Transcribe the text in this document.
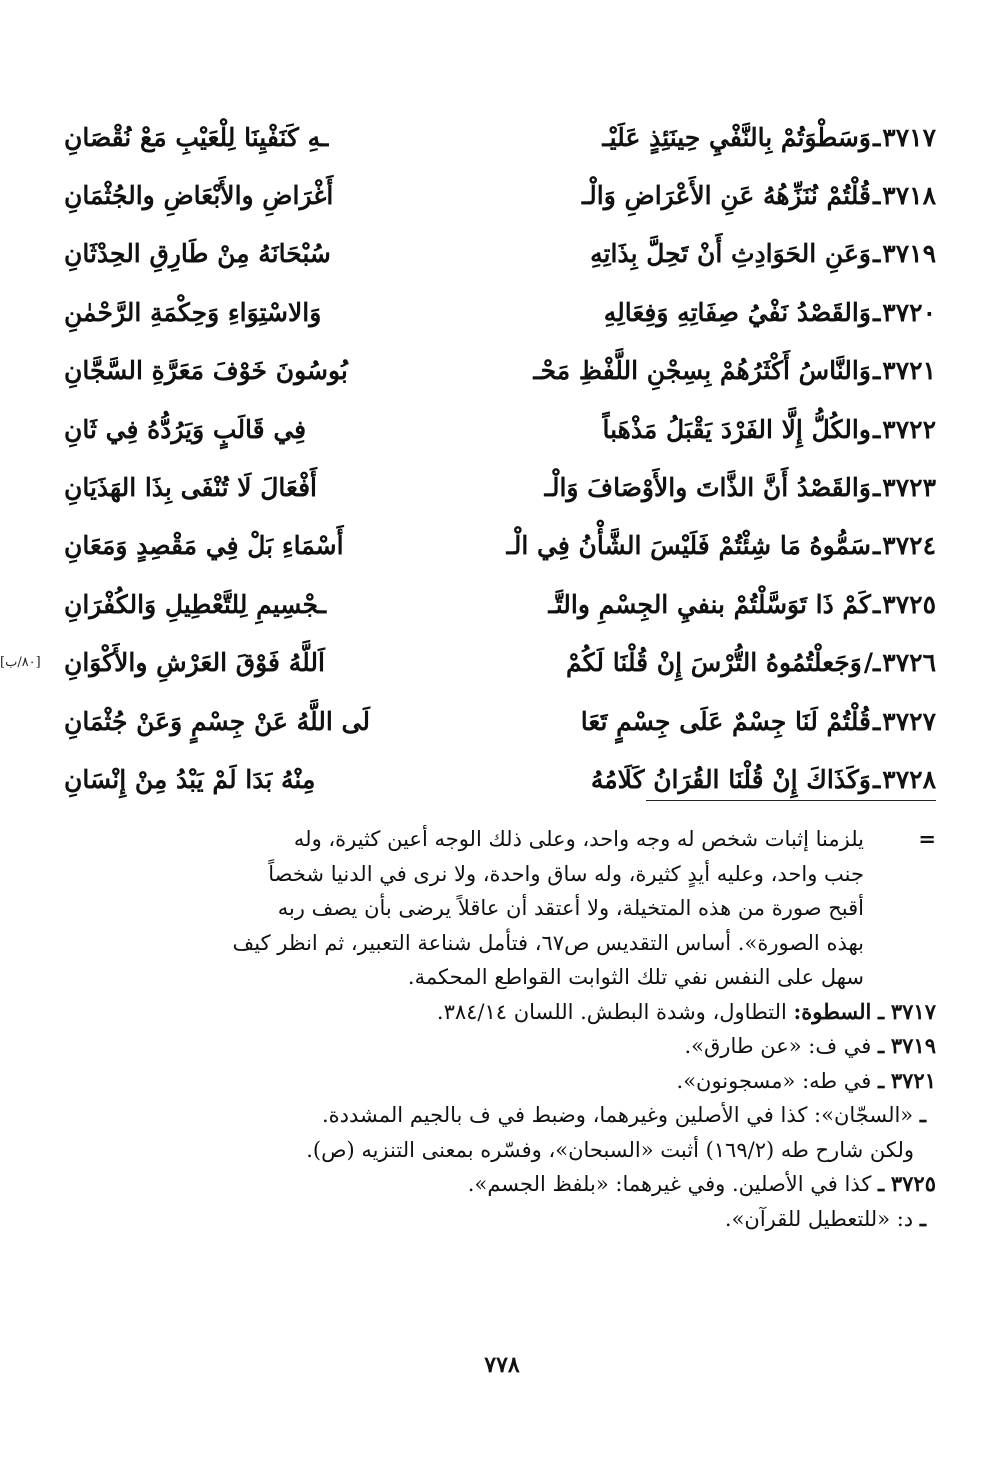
٣٧١٧
ـ
وَسَطْوَتُمْ بِالنَّفْيِ حِينَئِذٍ عَلَيْـ
ـهِ كَنَفْيِنَا لِلْعَيْبِ مَعْ نُقْصَانِ
٣٧١٨
ـ
قُلْتُمْ نُنَزِّهُهُ عَنِ الأَعْرَاضِ وَالْـ
أَغْرَاضِ والأَبْعَاضِ والجُثْمَانِ
٣٧١٩
ـ
وَعَنِ الحَوَادِثِ أَنْ تَحِلَّ بِذَاتِهِ
سُبْحَانَهُ مِنْ طَارِقِ الحِدْثَانِ
٣٧٢٠
ـ
وَالقَصْدُ نَفْيُ صِفَاتِهِ وَفِعَالِهِ
وَالاسْتِوَاءِ وَحِكْمَةِ الرَّحْمٰنِ
٣٧٢١
ـ
وَالنَّاسُ أَكْثَرُهُمْ بِسِجْنِ اللَّفْظِ مَحْـ
بُوسُونَ خَوْفَ مَعَرَّةِ السَّجَّانِ
٣٧٢٢
ـ
والكُلُّ إِلَّا الفَرْدَ يَقْبَلُ مَذْهَباً
فِي قَالَبٍ وَيَرُدُّهُ فِي ثَانِ
٣٧٢٣
ـ
وَالقَصْدُ أَنَّ الذَّاتَ والأَوْصَافَ وَالْـ
أَفْعَالَ لَا تُنْفَى بِذَا الهَذَيَانِ
٣٧٢٤
ـ
سَمُّوهُ مَا شِئْتُمْ فَلَيْسَ الشَّأْنُ فِي الْـ
أَسْمَاءِ بَلْ فِي مَقْصِدٍ وَمَعَانِ
٣٧٢٥
ـ
كَمْ ذَا تَوَسَّلْتُمْ بنفيِ الجِسْمِ والتَّـ
ـجْسِيمِ لِلتَّعْطِيلِ وَالكُفْرَانِ
٣٧٢٦
ـ/
وَجَعلْتُمُوهُ التُّرْسَ إِنْ قُلْنَا لَكُمْ
اَللَّهُ فَوْقَ العَرْشِ والأَكْوَانِ
[٨٠/ب]
٣٧٢٧
ـ
قُلْتُمْ لَنَا جِسْمٌ عَلَى جِسْمٍ تَعَا
لَى اللَّهُ عَنْ جِسْمٍ وَعَنْ جُثْمَانِ
٣٧٢٨
ـ
وَكَذَاكَ إِنْ قُلْنَا القُرَانُ كَلَامُهُ
مِنْهُ بَدَا لَمْ يَبْدُ مِنْ إِنْسَانِ
=
يلزمنا إثبات شخص له وجه واحد، وعلى ذلك الوجه أعين كثيرة، وله
جنب واحد، وعليه أيدٍ كثيرة، وله ساق واحدة، ولا نرى في الدنيا شخصاً
أقبح صورة من هذه المتخيلة، ولا أعتقد أن عاقلاً يرضى بأن يصف ربه
بهذه الصورة». أساس التقديس ص٦٧، فتأمل شناعة التعبير، ثم انظر كيف
سهل على النفس نفي تلك الثوابت القواطع المحكمة.
٣٧١٧ ـ السطوة: التطاول، وشدة البطش. اللسان ٣٨٤/١٤.
٣٧١٩ ـ في ف: «عن طارق».
٣٧٢١ ـ في طه: «مسجونون».
ـ «السجّان»: كذا في الأصلين وغيرهما، وضبط في ف بالجيم المشددة.
ولكن شارح طه (١٦٩/٢) أثبت «السبحان»، وفسّره بمعنى التنزيه (ص).
٣٧٢٥ ـ كذا في الأصلين. وفي غيرهما: «بلفظ الجسم».
ـ د: «للتعطيل للقرآن».
٧٧٨
